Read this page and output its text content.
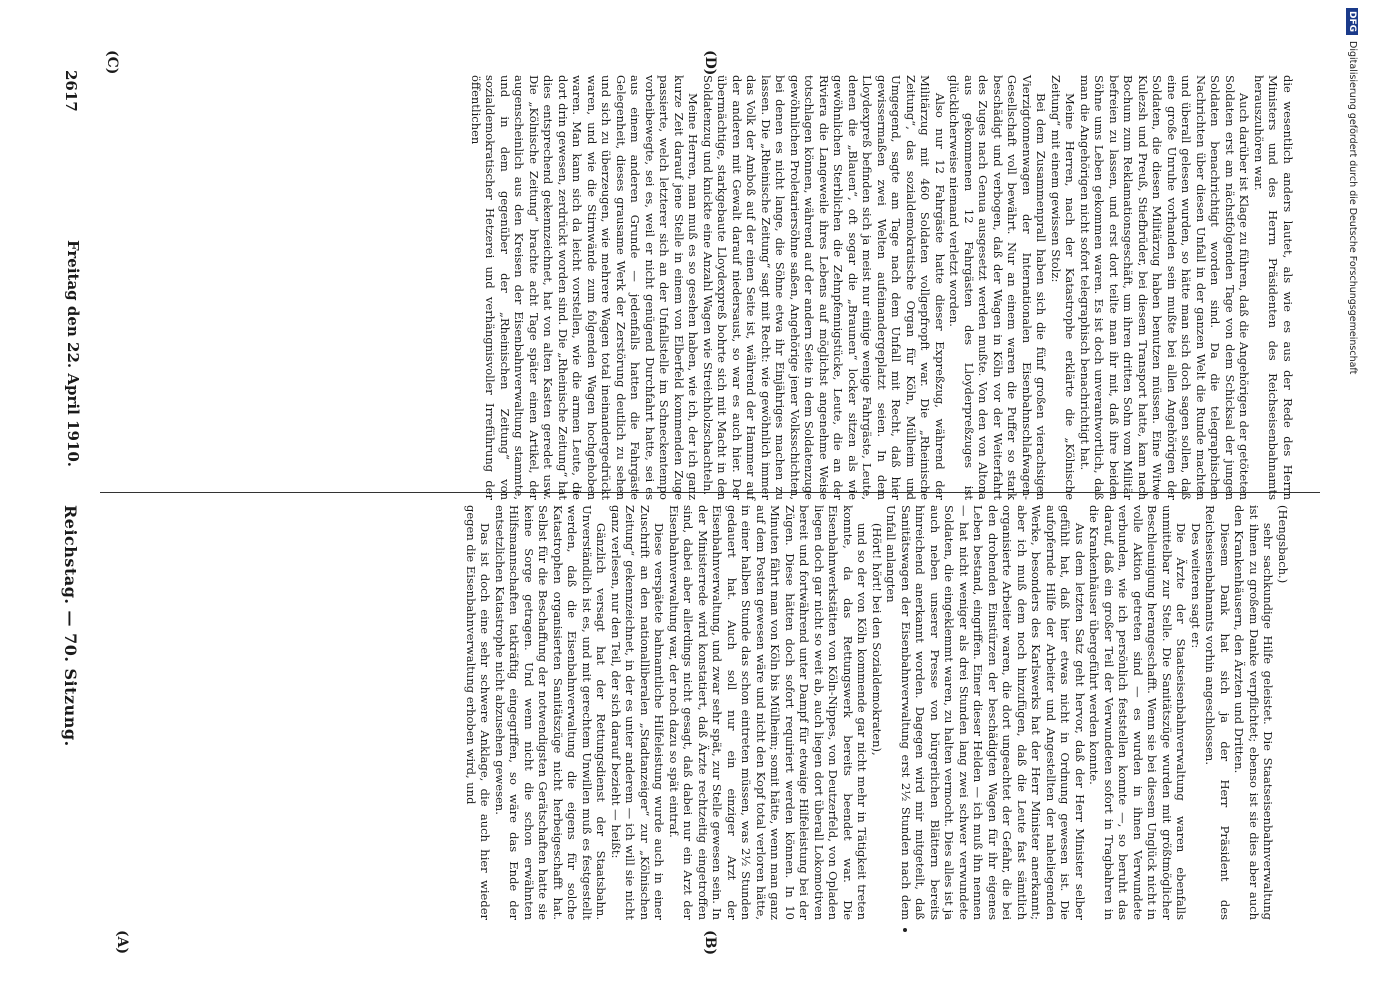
Reichstag. — 70. Sitzung.
Freitag den 22. April 1910.
2617
(A)	(B)
(C)	(D)

(Hengsbach.)

sehr sachkundige Hilfe geleistet. Die Staatseisenbahnverwaltung ist ihnen zu großem Danke verpflichtet; ebenso ist sie dies aber auch den Krankenhäusern, den Ärzten und Dritten.

Diesem Dank hat sich ja der Herr Präsident des Reichseisenbahnamts vorhin angeschlossen.

Des weiteren sagt er:

Die Ärzte der Staatseisenbahnverwaltung waren ebenfalls unmittelbar zur Stelle. Die Sanitätszüge wurden mit größtmöglicher Beschleunigung herangeschafft. Wenn sie bei diesem Unglück nicht in volle Aktion getreten sind — es wurden in ihnen Verwundete verbunden, wie ich persönlich feststellen konnte —, so beruht das darauf, daß ein großer Teil der Verwundeten sofort in Tragbahren in die Krankenhäuser übergeführt werden konnte.

Aus dem letzten Satz geht hervor, daß der Herr Minister selber gefühlt hat, daß hier etwas nicht in Ordnung gewesen ist. Die aufopfernde Hilfe der Arbeiter und Angestellten der naheliegenden Werke, besonders des Karlswerks hat der Herr Minister anerkannt; aber ich muß dem noch hinzufügen, daß die Leute fast sämtlich organisierte Arbeiter waren, die dort ungeachtet der Gefahr, die bei den drohenden Einstürzen der beschädigten Wagen für ihr eigenes Leben bestand, eingriffen. Einer dieser Helden — ich muß ihn nennen — hat nicht weniger als drei Stunden lang zwei schwer verwundete Soldaten, die eingeklemmt waren, zu halten vermocht. Dies alles ist ja auch neben unserer Presse von bürgerlichen Blättern bereits hinreichend anerkannt worden. Dagegen wird mir mitgeteilt, daß Sanitätswagen der Eisenbahnverwaltung erst 2½ Stunden nach dem Unfall anlangten

(Hört! hört! bei den Sozialdemokraten),

und so der von Köln kommende gar nicht mehr in Tätigkeit treten konnte, da das Rettungswerk bereits beendet war. Die Eisenbahnwerkstätten von Köln-Nippes, von Deutzerfeld, von Opladen liegen doch gar nicht so weit ab, auch liegen dort überall Lokomotiven bereit und fortwährend unter Dampf für etwaige Hilfeleistung bei der Zügen. Diese hätten doch sofort requiriert werden können. In 10 Minuten fährt man von Köln bis Mülheim; somit hätte, wenn man ganz auf dem Posten gewesen wäre und nicht den Kopf total verloren hätte, in einer halben Stunde das schon eintreten müssen, was 2½ Stunden gedauert hat. Auch soll nur ein einziger Arzt der Eisenbahnverwaltung, und zwar sehr spät, zur Stelle gewesen sein. In der Ministerrede wird konstatiert, daß Ärzte rechtzeitig eingetroffen sind, dabei aber allerdings nicht gesagt, daß dabei nur ein Arzt der Eisenbahnverwaltung war, der noch dazu so spät eintraf.

Diese verspätete bahnamtliche Hilfeleistung wurde auch in einer Zuschrift an den nationalliberalen „Stadtanzeiger“ zur „Kölnischen Zeitung“ gekennzeichnet, in der es unter anderem — ich will sie nicht ganz verlesen, nur den Teil, der sich darauf bezieht — heißt:

Gänzlich versagt hat der Rettungsdienst der Staatsbahn. Unverständlich ist es, und mit gerechtem Unwillen muß es festgestellt werden, daß die Eisenbahnverwaltung die eigens für solche Katastrophen organisierten Sanitätszüge nicht herbeigeschafft hat. Selbst für die Beschaffung der notwendigsten Gerätschaften hatte sie keine Sorge getragen. Und wenn nicht die schon erwähnten Hilfsmannschaften tatkräftig eingegriffen, so wäre das Ende der entsetzlichen Katastrophe nicht abzusehen gewesen.

Das ist doch eine sehr schwere Anklage, die auch hier wieder gegen die Eisenbahnverwaltung erhoben wird, und

die wesentlich anders lautet, als wie es aus der Rede des Herrn Ministers und des Herrn Präsidenten des Reichseisenbahnamts herauszuhören war.

Auch darüber ist Klage zu führen, daß die Angehörigen der getöteten Soldaten erst am nächstfolgenden Tage von dem Schicksal der jungen Soldaten benachrichtigt worden sind. Da die telegraphischen Nachrichten über diesen Unfall in der ganzen Welt die Runde machten und überall gelesen wurden, so hätte man sich doch sagen sollen, daß eine große Unruhe vorhanden sein mußte bei allen Angehörigen der Soldaten, die diesen Militärzug haben benutzen müssen. Eine Witwe Kulezsh und Preuß, Stiefbrüder, bei diesem Transport hatte, kam nach Bochum zum Reklamationsgeschäft, um ihren dritten Sohn vom Militär befreien zu lassen, und erst dort teilte man ihr mit, daß ihre beiden Söhne ums Leben gekommen waren. Es ist doch unverantwortlich, daß man die Angehörigen nicht sofort telegraphisch benachrichtigt hat.

Meine Herren, nach der Katastrophe erklärte die „Kölnische Zeitung“ mit einem gewissen Stolz:

Bei dem Zusammenprall haben sich die fünf großen vierachsigen Vierzigtonnenwagen der Internationalen Eisenbahnschlafwagen-Gesellschaft voll bewährt. Nur an einem waren die Puffer so stark beschädigt und verbogen, daß der Wagen in Köln vor der Weiterfahrt des Zuges nach Genua ausgesetzt werden mußte. Von den von Altona aus gekommenen 12 Fahrgästen des Lloyderpreßzuges ist glücklicherweise niemand verletzt worden.

Also nur 12 Fahrgäste hatte dieser Expreßzug, während der Militärzug mit 460 Soldaten vollgepfropft war. Die „Rheinische Zeitung“, das sozialdemokratische Organ für Köln, Mülheim und Umgegend, sagte am Tage nach dem Unfall mit Recht, daß hier gewissermaßen zwei Welten aufeinandergeplatzt seien. In dem Lloydexpreß befinden sich ja meist nur einige wenige Fahrgäste, Leute, denen die „Blauen“, oft sogar die „Braunen“ locker sitzen als wie gewöhnlichen Sterblichen die Zehnpfennigstücke, Leute, die an der Riviera die Langeweile ihres Lebens auf möglichst angenehme Weise totschlagen können, während auf der andern Seite in dem Soldatenzuge gewöhnlichen Proletariersöhne saßen, Angehörige jener Volksschichten, bei denen es nicht lange, die Söhne etwa ihr Einjähriges machen zu lassen. Die „Rheinische Zeitung“ sagt mit Recht: wie gewöhnlich immer das Volk der Amboß auf der einen Seite ist, während der Hammer auf der anderen mit Gewalt darauf niedersaust, so war es auch hier. Der übermächtige, starkgebaute Lloydexpreß bohrte sich mit Macht in den Soldatenzug und knickte eine Anzahl Wagen wie Streichholzschachteln.

Meine Herren, man muß es so gesehen haben, wie ich, der ich ganz kurze Zeit darauf jene Stelle in einem von Elberfeld kommenden Zuge passierte, welch letzterer sich an der Unfallstelle im Schneckentempo vorbeibewegte, sei es, weil er nicht genügend Durchfahrt hatte, sei es aus einem anderen Grunde — jedenfalls hatten die Fahrgäste Gelegenheit, dieses grausame Werk der Zerstörung deutlich zu sehen und sich zu überzeugen, wie mehrere Wagen total ineinandergedrückt waren, und wie die Stirnwände zum folgenden Wagen hochgehoben waren. Man kann sich da leicht vorstellen, wie die armen Leute, die dort drin gewesen, zerdrückt worden sind. Die „Rheinische Zeitung“ hat dies entsprechend gekennzeichnet, hat von alten Kasten geredet usw. Die „Kölnische Zeitung“ brachte acht Tage später einen Artikel, der augenscheinlich aus den Kreisen der Eisenbahnverwaltung stammte, und in dem gegenüber der „Rheinischen Zeitung“ von sozialdemokratischer Hetzerei und verhängnisvoller Irreführung der öffentlichen

DFGDigitalisierung gefördert durch die Deutsche Forschungsgemeinschaft
